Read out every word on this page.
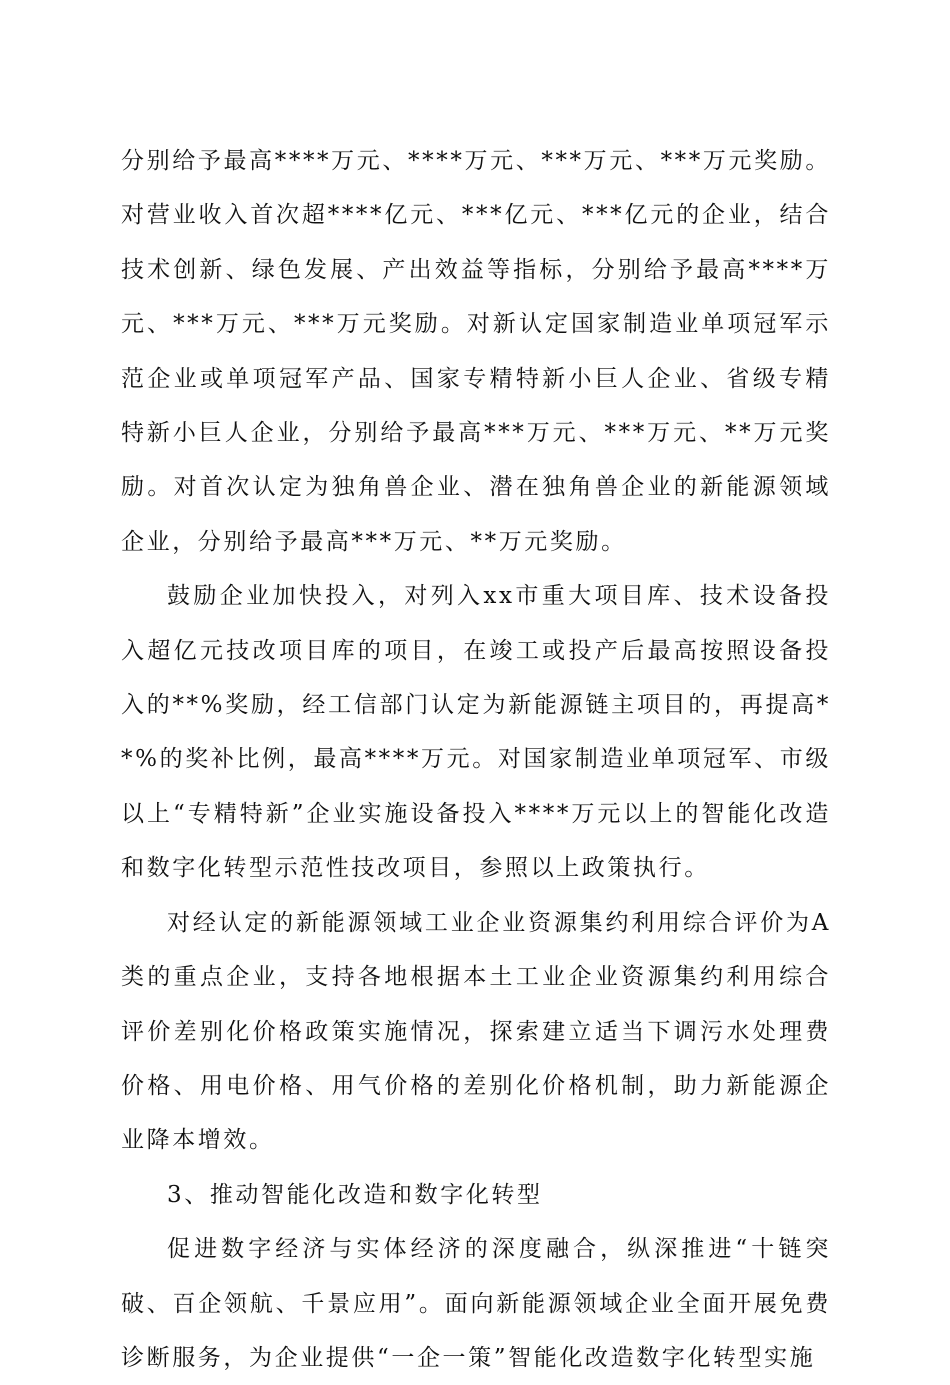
分别给予最高****万元、****万元、***万元、***万元奖励。对营业收入首次超****亿元、***亿元、***亿元的企业，结合技术创新、绿色发展、产出效益等指标，分别给予最高****万元、***万元、***万元奖励。对新认定国家制造业单项冠军示范企业或单项冠军产品、国家专精特新小巨人企业、省级专精特新小巨人企业，分别给予最高***万元、***万元、**万元奖励。对首次认定为独角兽企业、潜在独角兽企业的新能源领域企业，分别给予最高***万元、**万元奖励。

鼓励企业加快投入，对列入xx市重大项目库、技术设备投入超亿元技改项目库的项目，在竣工或投产后最高按照设备投入的**%奖励，经工信部门认定为新能源链主项目的，再提高**%的奖补比例，最高****万元。对国家制造业单项冠军、市级以上“专精特新”企业实施设备投入****万元以上的智能化改造和数字化转型示范性技改项目，参照以上政策执行。

对经认定的新能源领域工业企业资源集约利用综合评价为A类的重点企业，支持各地根据本土工业企业资源集约利用综合评价差别化价格政策实施情况，探索建立适当下调污水处理费价格、用电价格、用气价格的差别化价格机制，助力新能源企业降本增效。

3、推动智能化改造和数字化转型

促进数字经济与实体经济的深度融合，纵深推进“十链突破、百企领航、千景应用”。面向新能源领域企业全面开展免费诊断服务，为企业提供“一企一策”智能化改造数字化转型实施
